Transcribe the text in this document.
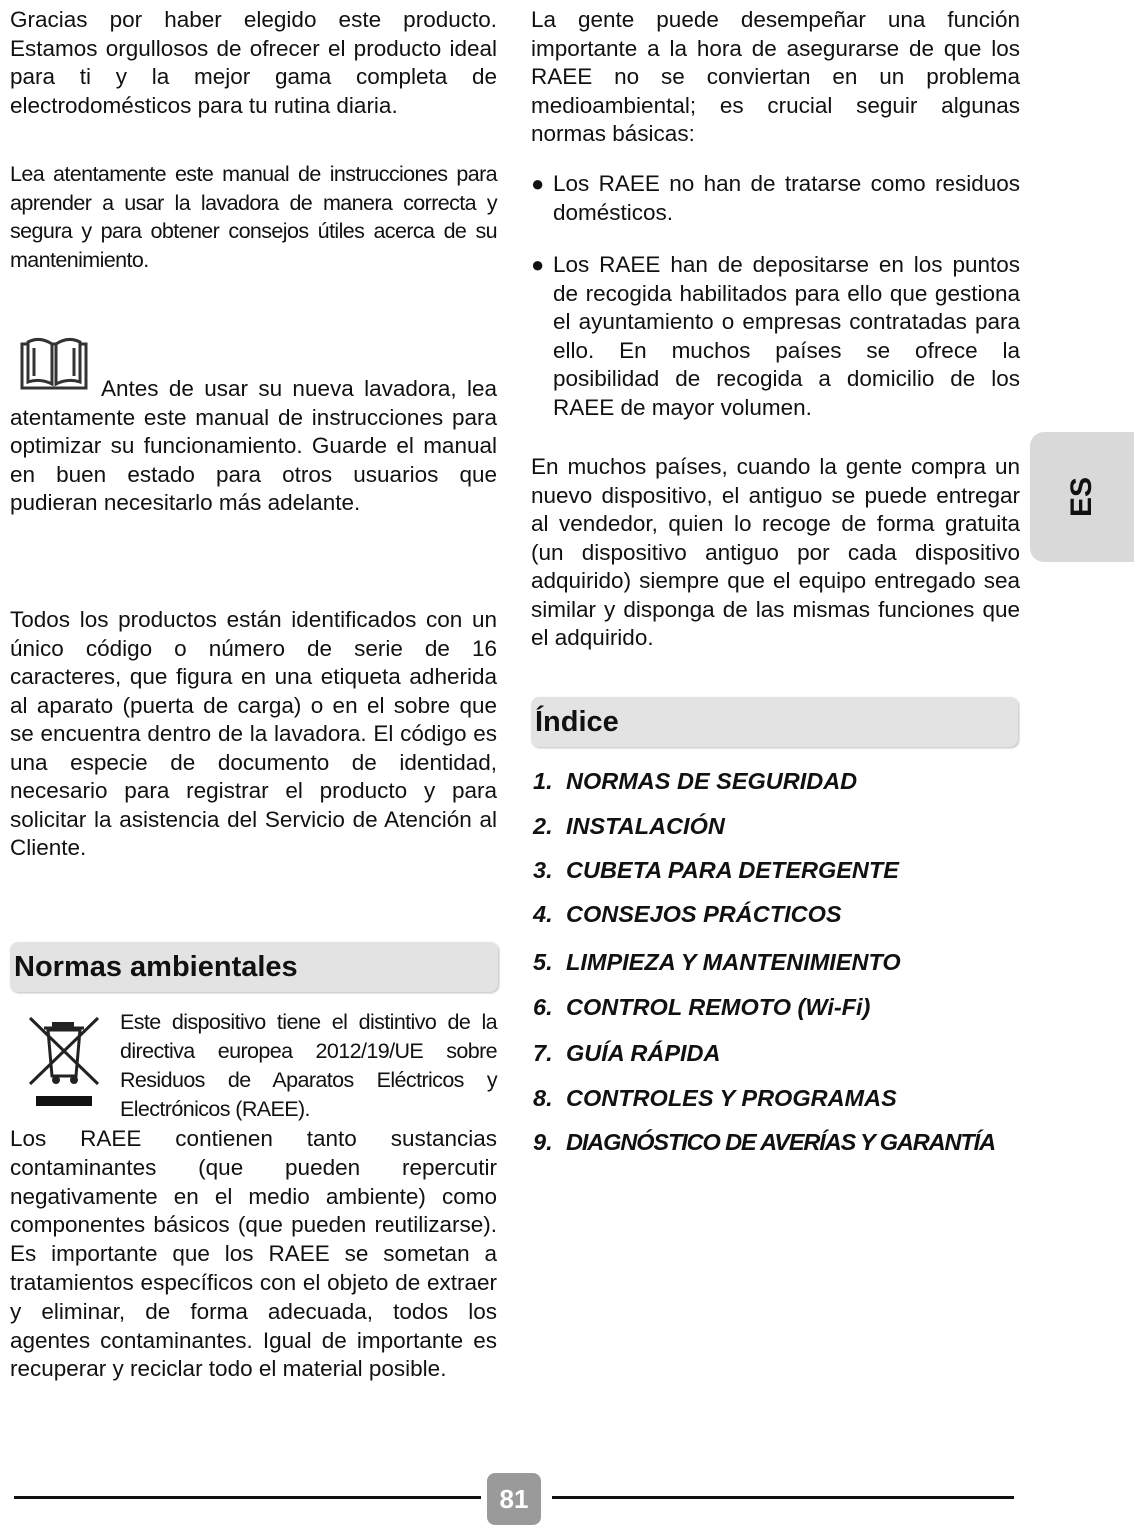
Gracias por haber elegido este producto. Estamos orgullosos de ofrecer el producto ideal para ti y la mejor gama completa de electrodomésticos para tu rutina diaria.

Lea atentamente este manual de instrucciones para aprender a usar la lavadora de manera correcta y segura y para obtener consejos útiles acerca de su mantenimiento.

Antes de usar su nueva lavadora, lea atentamente este manual de instrucciones para optimizar su funcionamiento. Guarde el manual en buen estado para otros usuarios que pudieran necesitarlo más adelante.

Todos los productos están identificados con un único código o número de serie de 16 caracteres, que figura en una etiqueta adherida al aparato (puerta de carga) o en el sobre que se encuentra dentro de la lavadora. El código es una especie de documento de identidad, necesario para registrar el producto y para solicitar la asistencia del Servicio de Atención al Cliente.

Normas ambientales

Este dispositivo tiene el distintivo de la directiva europea 2012/19/UE sobre Residuos de Aparatos Eléctricos y Electrónicos (RAEE).

Los RAEE contienen tanto sustancias contaminantes (que pueden repercutir negativamente en el medio ambiente) como componentes básicos (que pueden reutilizarse). Es importante que los RAEE se sometan a tratamientos específicos con el objeto de extraer y eliminar, de forma adecuada, todos los agentes contaminantes. Igual de importante es recuperar y reciclar todo el material posible.

La gente puede desempeñar una función importante a la hora de asegurarse de que los RAEE no se conviertan en un problema medioambiental; es crucial seguir algunas normas básicas:

● Los RAEE no han de tratarse como residuos domésticos.
● Los RAEE han de depositarse en los puntos de recogida habilitados para ello que gestiona el ayuntamiento o empresas contratadas para ello. En muchos países se ofrece la posibilidad de recogida a domicilio de los RAEE de mayor volumen.

En muchos países, cuando la gente compra un nuevo dispositivo, el antiguo se puede entregar al vendedor, quien lo recoge de forma gratuita (un dispositivo antiguo por cada dispositivo adquirido) siempre que el equipo entregado sea similar y disponga de las mismas funciones que el adquirido.

Índice
1. NORMAS DE SEGURIDAD
2. INSTALACIÓN
3. CUBETA PARA DETERGENTE
4. CONSEJOS PRÁCTICOS
5. LIMPIEZA Y MANTENIMIENTO
6. CONTROL REMOTO (Wi-Fi)
7. GUÍA RÁPIDA
8. CONTROLES Y PROGRAMAS
9. DIAGNÓSTICO DE AVERÍAS Y GARANTÍA
ES
81
